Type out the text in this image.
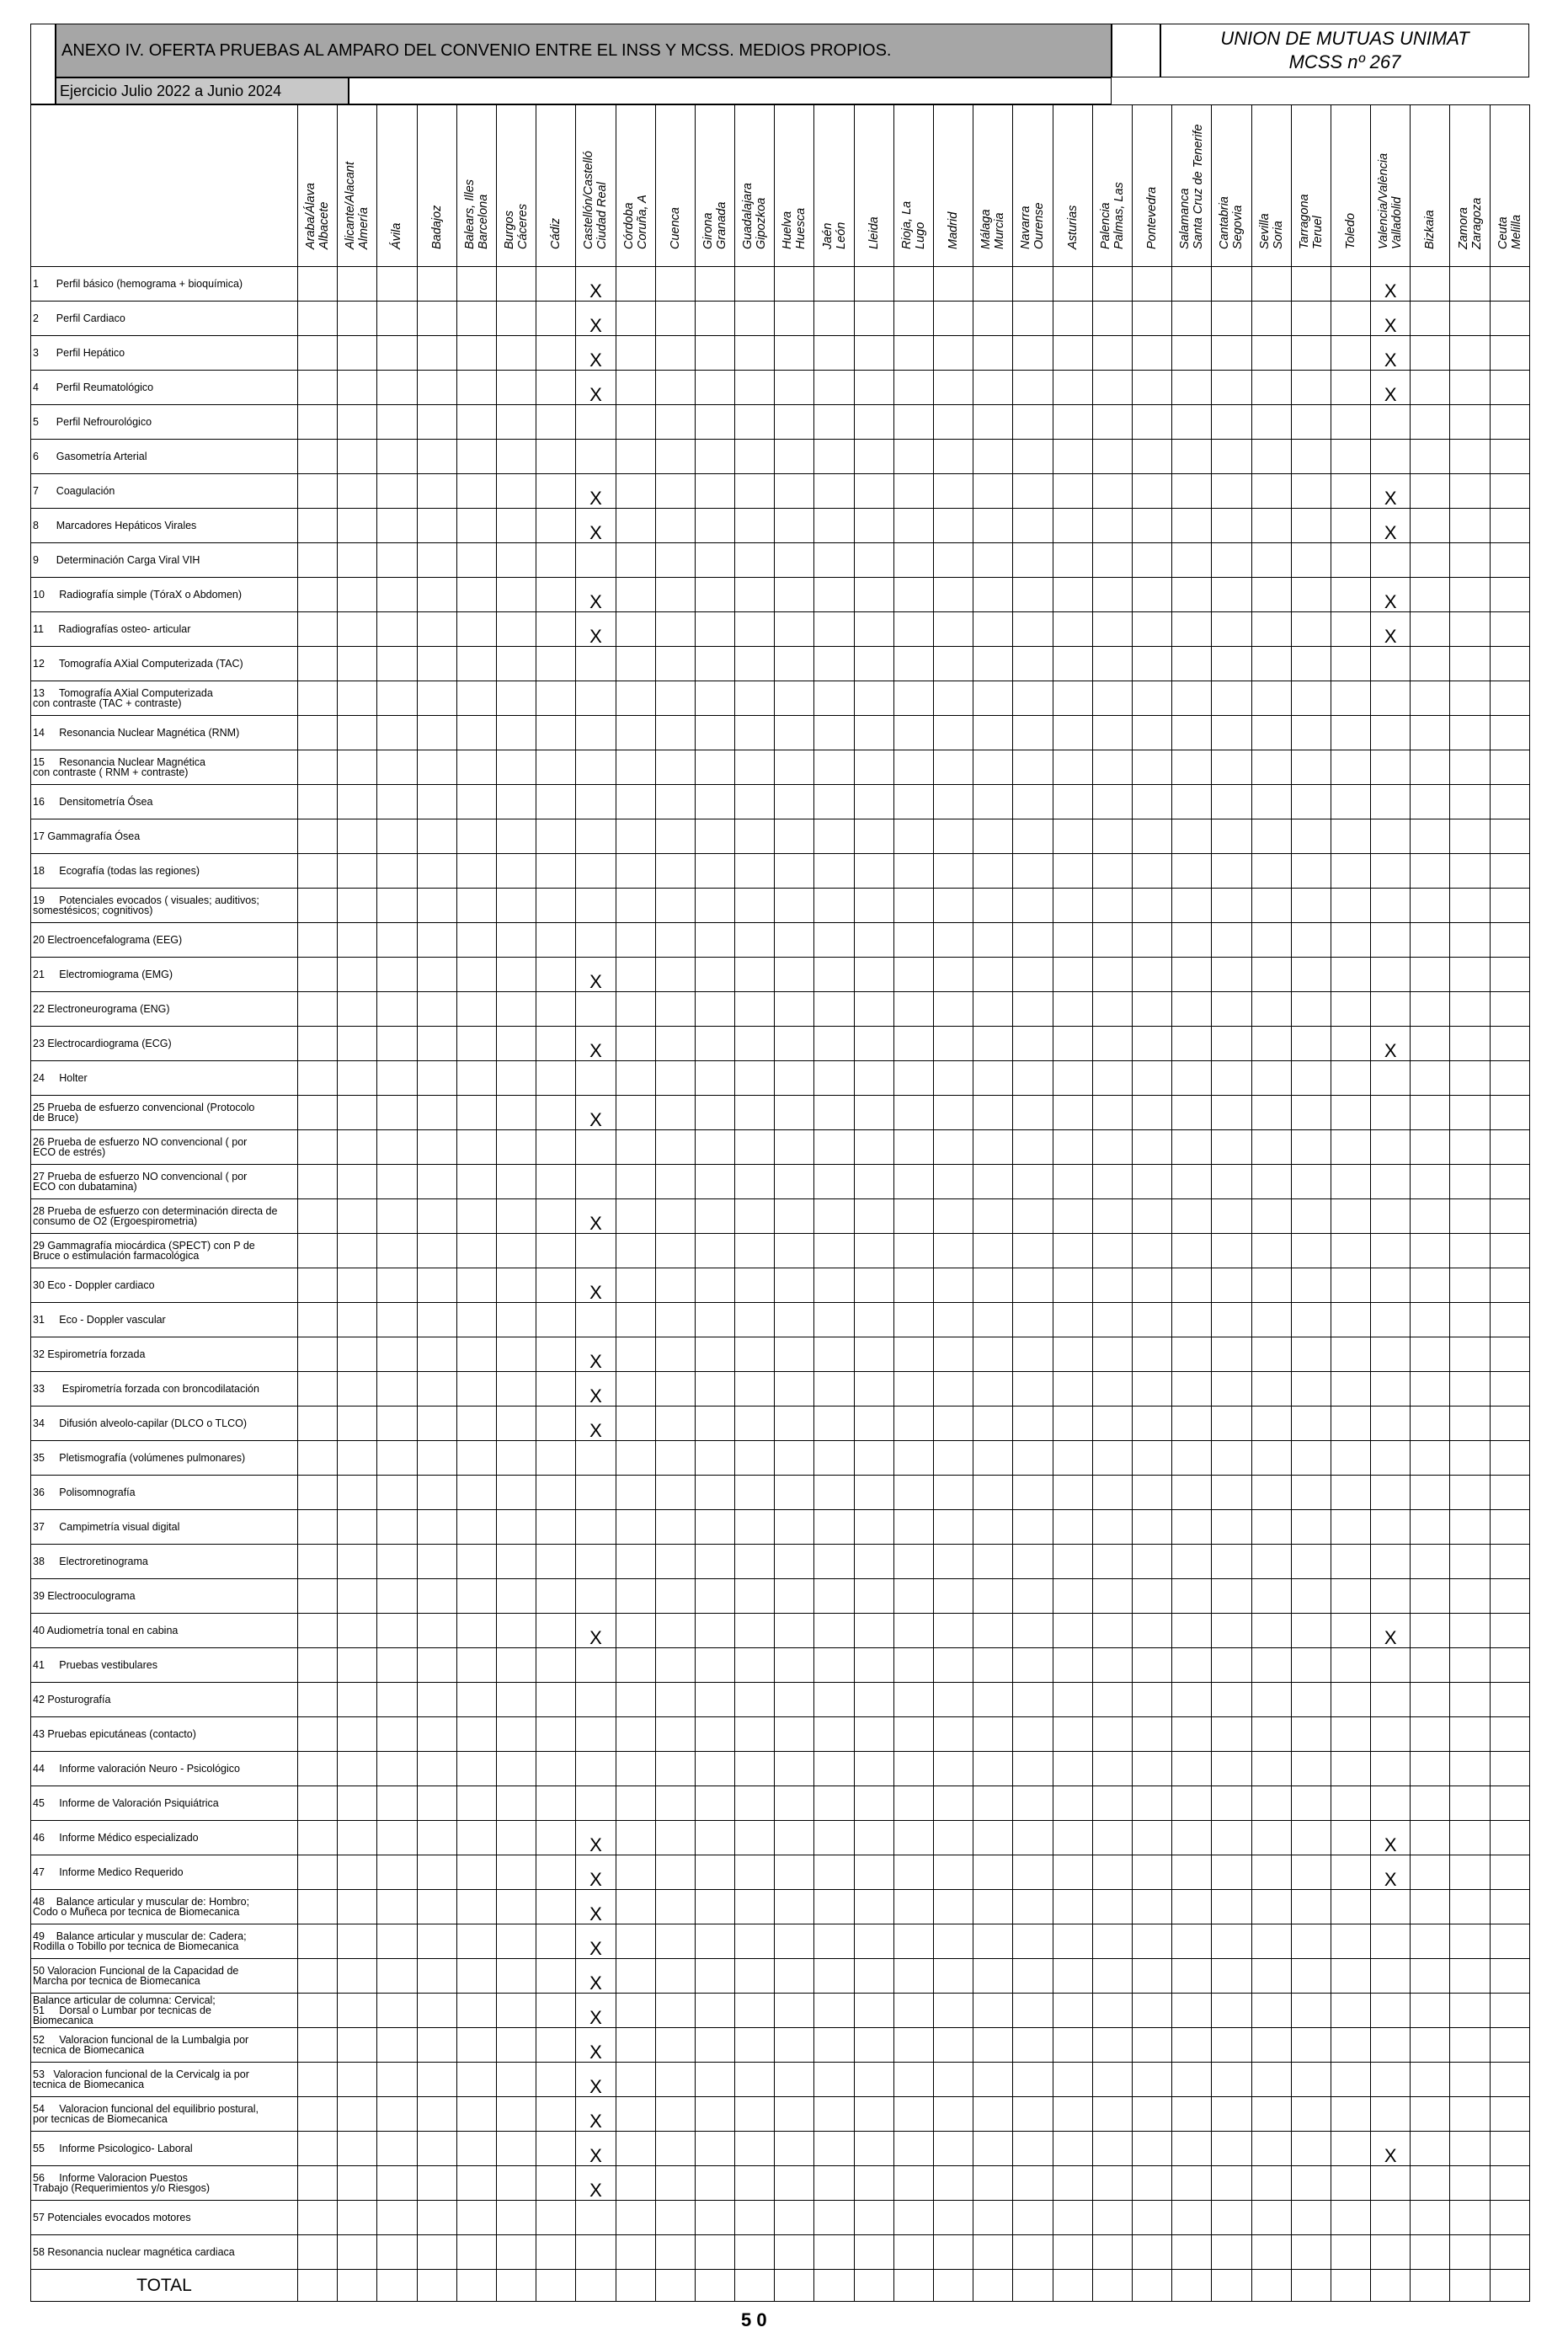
ANEXO IV. OFERTA PRUEBAS AL AMPARO DEL CONVENIO ENTRE EL INSS Y MCSS. MEDIOS PROPIOS.
UNION DE MUTUAS UNIMAT
MCSS nº 267
Ejercicio Julio 2022 a Junio 2024

	Araba/Álava Albacete	Alicante/Alacant Almería	Ávila	Badajoz	Balears, Illes Barcelona	Burgos Cáceres	Cádiz	Castellón/Castelló Ciudad Real	Córdoba Coruña, A	Cuenca	Girona Granada	Guadalajara Gipozkoa	Huelva Huesca	Jaén León	Lleida	Rioja, La Lugo	Madrid	Málaga Murcia	Navarra Ourense	Asturias	Palencia Palmas, Las	Pontevedra	Salamanca Santa Cruz de Tenerife	Cantabria Segovia	Sevilla Soria	Tarragona Teruel	Toledo	Valencia/València Valladolid	Bizkaia	Zamora Zaragoza	Ceuta Melilla

1      Perfil básico (hemograma + bioquímica)								X																				X			
2      Perfil Cardiaco								X																				X			
3      Perfil Hepático								X																				X			
4      Perfil Reumatológico								X																				X			
5      Perfil Nefrourológico																															
6      Gasometría Arterial																															
7      Coagulación								X																				X			
8      Marcadores Hepáticos Virales								X																				X			
9      Determinación Carga Viral VIH																															
10     Radiografía simple (TóraX o Abdomen)								X																				X			
11     Radiografías osteo- articular								X																				X			
12     Tomografía AXial Computerizada (TAC)																															
13     Tomografía AXial Computerizada
con contraste (TAC + contraste)																															
14     Resonancia Nuclear Magnética (RNM)																															
15     Resonancia Nuclear Magnética
con contraste ( RNM + contraste)																															
16     Densitometría Ósea																															
17 Gammagrafía Ósea																															
18     Ecografía (todas las regiones)																															
19     Potenciales evocados ( visuales; auditivos;
somestésicos; cognitivos)																															
20 Electroencefalograma (EEG)																															
21     Electromiograma (EMG)								X																							
22 Electroneurograma (ENG)																															
23 Electrocardiograma (ECG)								X																				X			
24     Holter																															
25 Prueba de esfuerzo convencional (Protocolo
de Bruce)								X																							
26 Prueba de esfuerzo NO convencional ( por
ECO de estrés)																															
27 Prueba de esfuerzo NO convencional ( por
ECO con dubatamina)																															
28 Prueba de esfuerzo con determinación directa de
consumo de O2 (Ergoespirometria)								X																							
29 Gammagrafía miocárdica (SPECT) con P de
Bruce o estimulación farmacológica																															
30 Eco - Doppler cardiaco								X																							
31     Eco - Doppler vascular																															
32 Espirometría forzada								X																							
33      Espirometría forzada con broncodilatación								X																							
34     Difusión alveolo-capilar (DLCO o TLCO)								X																							
35     Pletismografía (volúmenes pulmonares)																															
36     Polisomnografía																															
37     Campimetría visual digital																															
38     Electroretinograma																															
39 Electrooculograma																															
40 Audiometría tonal en cabina								X																				X			
41     Pruebas vestibulares																															
42 Posturografía																															
43 Pruebas epicutáneas (contacto)																															
44     Informe valoración Neuro - Psicológico																															
45     Informe de Valoración Psiquiátrica																															
46     Informe Médico especializado								X																				X			
47     Informe Medico Requerido								X																				X			
48    Balance articular y muscular de: Hombro;
Codo o Muñeca por tecnica de Biomecanica								X																							
49    Balance articular y muscular de: Cadera;
Rodilla o Tobillo por tecnica de Biomecanica								X																							
50 Valoracion Funcional de la Capacidad de
Marcha por tecnica de Biomecanica								X																							
Balance articular de columna: Cervical;
51     Dorsal o Lumbar por tecnicas de
Biomecanica								X																							
52     Valoracion funcional de la Lumbalgia por
tecnica de Biomecanica								X																							
53   Valoracion funcional de la Cervicalg ia por
tecnica de Biomecanica								X																							
54     Valoracion funcional del equilibrio postural,
por tecnicas de Biomecanica								X																							
55     Informe Psicologico- Laboral								X																				X			
56     Informe Valoracion Puestos
Trabajo (Requerimientos y/o Riesgos)								X																							
57 Potenciales evocados motores																															
58 Resonancia nuclear magnética cardiaca																															
TOTAL																															
5 0
